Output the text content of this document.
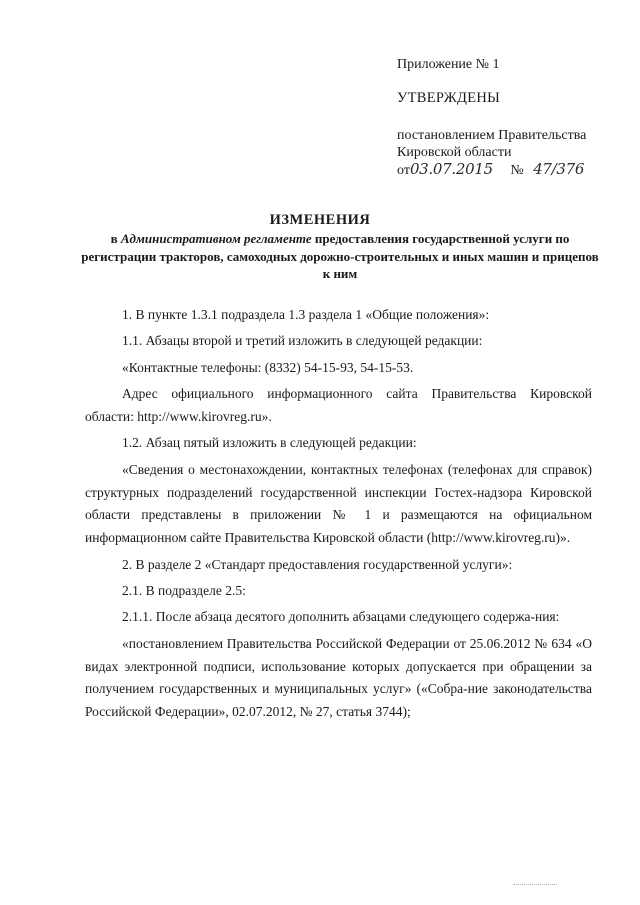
Приложение № 1
УТВЕРЖДЕНЫ
постановлением Правительства
Кировской области
от03.07.2015 № 47/376
ИЗМЕНЕНИЯ
в Административном регламенте предоставления государственной услуги по регистрации тракторов, самоходных дорожно-строительных и иных машин и прицепов к ним

1. В пункте 1.3.1 подраздела 1.3 раздела 1 «Общие положения»:

1.1. Абзацы второй и третий изложить в следующей редакции:

«Контактные телефоны: (8332) 54-15-93, 54-15-53.

Адрес официального информационного сайта Правительства Кировской области: http://www.kirovreg.ru».

1.2. Абзац пятый изложить в следующей редакции:

«Сведения о местонахождении, контактных телефонах (телефонах для справок) структурных подразделений государственной инспекции Гостех-надзора Кировской области представлены в приложении № 1 и размещаются на официальном информационном сайте Правительства Кировской области (http://www.kirovreg.ru)».

2. В разделе 2 «Стандарт предоставления государственной услуги»:

2.1. В подразделе 2.5:

2.1.1. После абзаца десятого дополнить абзацами следующего содержа-ния:

«постановлением Правительства Российской Федерации от 25.06.2012 № 634 «О видах электронной подписи, использование которых допускается при обращении за получением государственных и муниципальных услуг» («Собра-ние законодательства Российской Федерации», 02.07.2012, № 27, статья 3744);
